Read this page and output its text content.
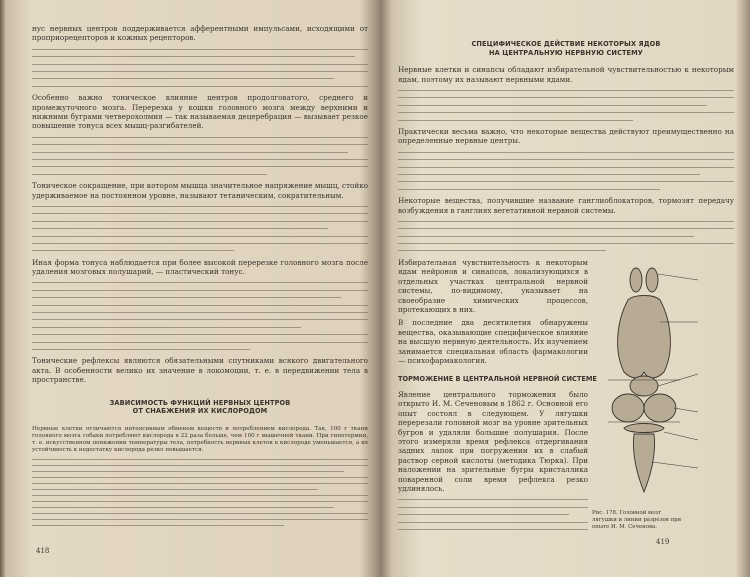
нус нервных центров поддерживается афферентными импульсами, исходящими от проприорецепторов и кожных рецепторов.

Особенно важно тоническое влияние центров продолговатого, среднего и промежуточного мозга. Перерезка у кошки головного мозга между верхними и нижними буграми четверохолмия — так называемая децеребрация — вызывает резкое повышение тонуса всех мышц-разгибателей.

Тоническое сокращение, при котором мышца значительное напряжение мышц, стойко удерживаемое на постоянном уровне, называют тетаническим, сократительным.

Иная форма тонуса наблюдается при более высокой перерезке головного мозга после удаления мозговых полушарий, — пластический тонус.

Тонические рефлексы являются обязательными спутниками всякого двигательного акта. В особенности велико их значение в локомоции, т. е. в передвижении тела в пространстве.

ЗАВИСИМОСТЬ ФУНКЦИЙ НЕРВНЫХ ЦЕНТРОВ

ОТ СНАБЖЕНИЯ ИХ КИСЛОРОДОМ

Нервные клетки отличаются интенсивным обменом веществ и потреблением кислорода. Так, 100 г ткани головного мозга собаки потребляют кислорода в 22 раза больше, чем 100 г мышечной ткани. При гипотермии, т. е. искусственном понижении температуры тела, потребность нервных клеток в кислороде уменьшается, а их устойчивость к недостатку кислорода резко повышается.

418

СПЕЦИФИЧЕСКОЕ ДЕЙСТВИЕ НЕКОТОРЫХ ЯДОВ

НА ЦЕНТРАЛЬНУЮ НЕРВНУЮ СИСТЕМУ

Нервные клетки и синапсы обладают избирательной чувствительностью к некоторым ядам, поэтому их называют нервными ядами.

Практически весьма важно, что некоторые вещества действуют преимущественно на определенные нервные центры.

Некоторые вещества, получившие название ганглиоблокаторов, тормозят передачу возбуждения в ганглиях вегетативной нервной системы.

Избирательная чувствительность к некоторым ядам нейронов и синапсов, локализующихся в отдельных участках центральной нервной системы, по-видимому, указывает на своеобразие химических процессов, протекающих в них.

В последние два десятилетия обнаружены вещества, оказывающие специфическое влияние на высшую нервную деятельность. Их изучением занимается специальная область фармакологии — психофармакология.

ТОРМОЖЕНИЕ В ЦЕНТРАЛЬНОЙ НЕРВНОЙ СИСТЕМЕ

Явление центрального торможения было открыто И. М. Сеченовым в 1862 г. Основной его опыт состоял в следующем. У лягушки перерезали головной мозг на уровне зрительных бугров и удаляли большие полушария. После этого измеряли время рефлекса отдергивания задних лапок при погружении их в слабый раствор серной кислоты (методика Тюрка). При наложении на зрительные бугры кристаллика поваренной соли время рефлекса резко удлинялось.

Рис. 178. Головной мозг лягушки и линии разрезов при опыте И. М. Сеченова.

419
